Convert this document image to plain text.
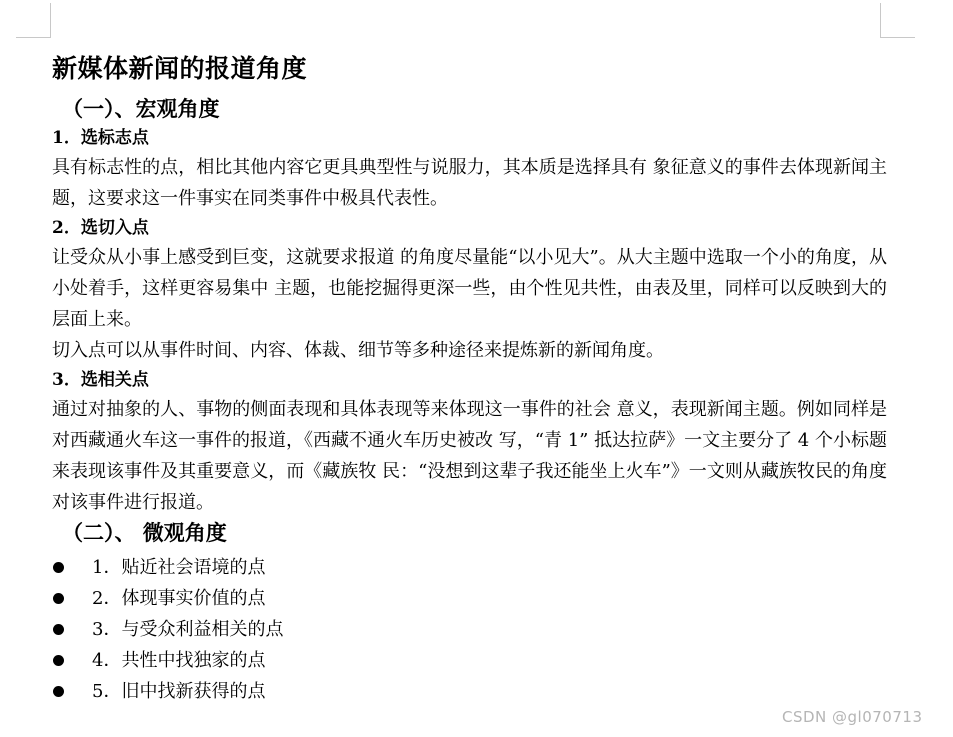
新媒体新闻的报道角度
（一）、宏观角度
1．选标志点

具有标志性的点，相比其他内容它更具典型性与说服力，其本质是选择具有 象征意义的事件去体现新闻主题，这要求这一件事实在同类事件中极具代表性。

2．选切入点

让受众从小事上感受到巨变，这就要求报道 的角度尽量能“以小见大”。从大主题中选取一个小的角度，从小处着手，这样更容易集中 主题，也能挖掘得更深一些，由个性见共性，由表及里，同样可以反映到大的层面上来。

切入点可以从事件时间、内容、体裁、细节等多种途径来提炼新的新闻角度。

3．选相关点

通过对抽象的人、事物的侧面表现和具体表现等来体现这一事件的社会 意义，表现新闻主题。例如同样是对西藏通火车这一事件的报道，《西藏不通火车历史被改 写，“青 1” 抵达拉萨》一文主要分了 4 个小标题来表现该事件及其重要意义，而《藏族牧 民：“没想到这辈子我还能坐上火车”》一文则从藏族牧民的角度对该事件进行报道。

（二）、 微观角度
1．贴近社会语境的点
2．体现事实价值的点
3．与受众利益相关的点
4．共性中找独家的点
5．旧中找新获得的点
CSDN @gl070713
